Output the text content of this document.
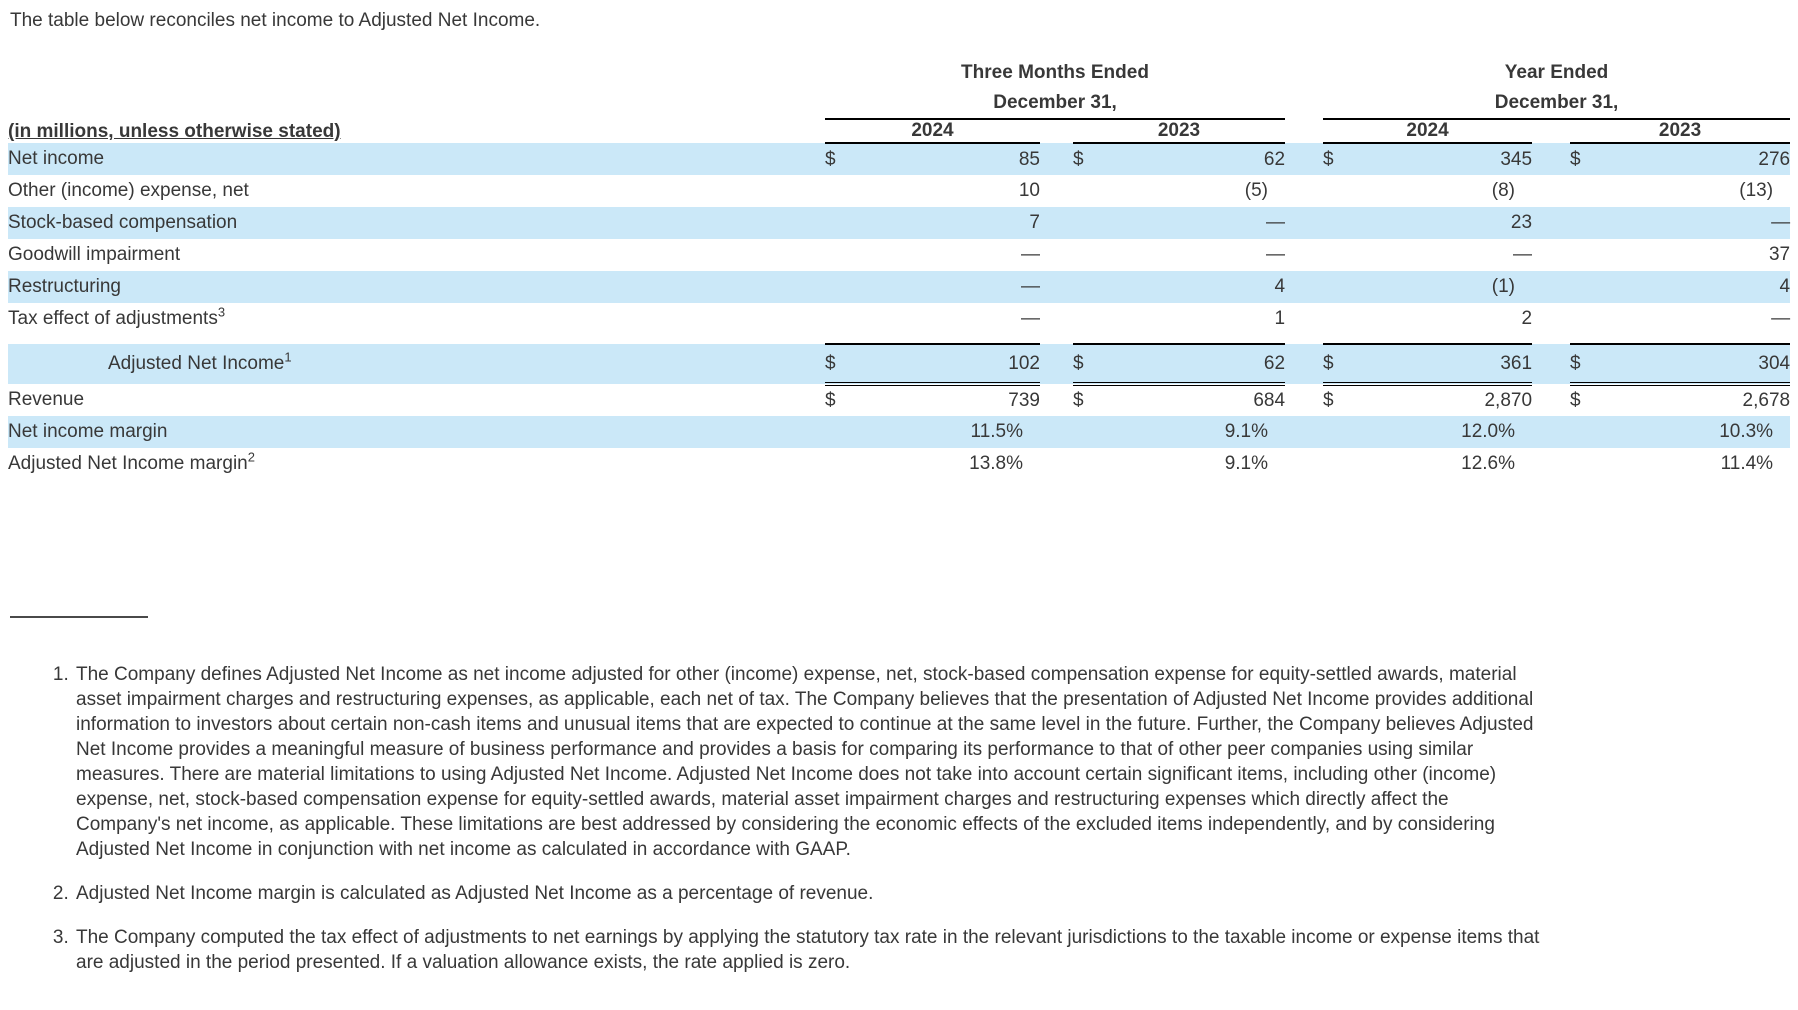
The table below reconciles net income to Adjusted Net Income.

Three Months Ended
December 31,

Year Ended
December 31,

(in millions, unless otherwise stated)	2024			2023			2024			2023	
Net income	$	85		$	62		$	345		$	276
Other (income) expense, net		10			(5)			(8)			(13)
Stock-based compensation		7			—			23			—
Goodwill impairment		—			—			—			37
Restructuring		—			4			(1)			4
Tax effect of adjustments$^3$		—			1			2			—

Adjusted Net Income$^1$	$	102		$	62		$	361		$	304
Revenue	$	739		$	684		$	2,870		$	2,678
Net income margin		11.5%			9.1%			12.0%			10.3%
Adjusted Net Income margin$^2$		13.8%			9.1%			12.6%			11.4%
1. The Company defines Adjusted Net Income as net income adjusted for other (income) expense, net, stock-based compensation expense for equity-settled awards, material asset impairment charges and restructuring expenses, as applicable, each net of tax. The Company believes that the presentation of Adjusted Net Income provides additional information to investors about certain non-cash items and unusual items that are expected to continue at the same level in the future. Further, the Company believes Adjusted Net Income provides a meaningful measure of business performance and provides a basis for comparing its performance to that of other peer companies using similar measures. There are material limitations to using Adjusted Net Income. Adjusted Net Income does not take into account certain significant items, including other (income) expense, net, stock-based compensation expense for equity-settled awards, material asset impairment charges and restructuring expenses which directly affect the Company's net income, as applicable. These limitations are best addressed by considering the economic effects of the excluded items independently, and by considering Adjusted Net Income in conjunction with net income as calculated in accordance with GAAP.
2. Adjusted Net Income margin is calculated as Adjusted Net Income as a percentage of revenue.
3. The Company computed the tax effect of adjustments to net earnings by applying the statutory tax rate in the relevant jurisdictions to the taxable income or expense items that are adjusted in the period presented. If a valuation allowance exists, the rate applied is zero.
